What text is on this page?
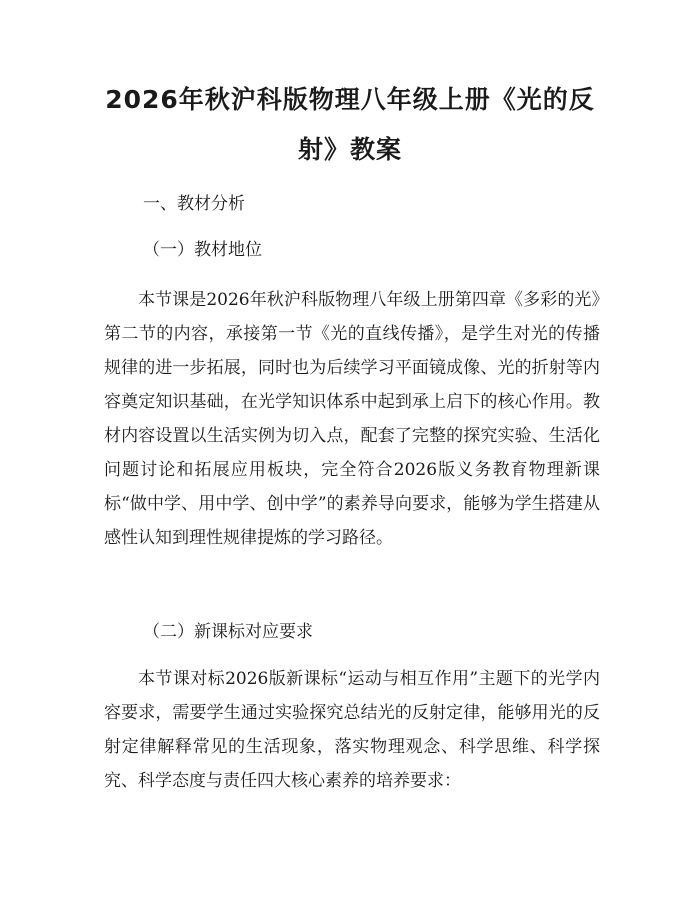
2026年秋沪科版物理八年级上册《光的反射》教案

一、教材分析

（一）教材地位

本节课是2026年秋沪科版物理八年级上册第四章《多彩的光》第二节的内容，承接第一节《光的直线传播》，是学生对光的传播规律的进一步拓展，同时也为后续学习平面镜成像、光的折射等内容奠定知识基础，在光学知识体系中起到承上启下的核心作用。教材内容设置以生活实例为切入点，配套了完整的探究实验、生活化问题讨论和拓展应用板块，完全符合2026版义务教育物理新课标“做中学、用中学、创中学”的素养导向要求，能够为学生搭建从感性认知到理性规律提炼的学习路径。

（二）新课标对应要求

本节课对标2026版新课标“运动与相互作用”主题下的光学内容要求，需要学生通过实验探究总结光的反射定律，能够用光的反射定律解释常见的生活现象，落实物理观念、科学思维、科学探究、科学态度与责任四大核心素养的培养要求：
